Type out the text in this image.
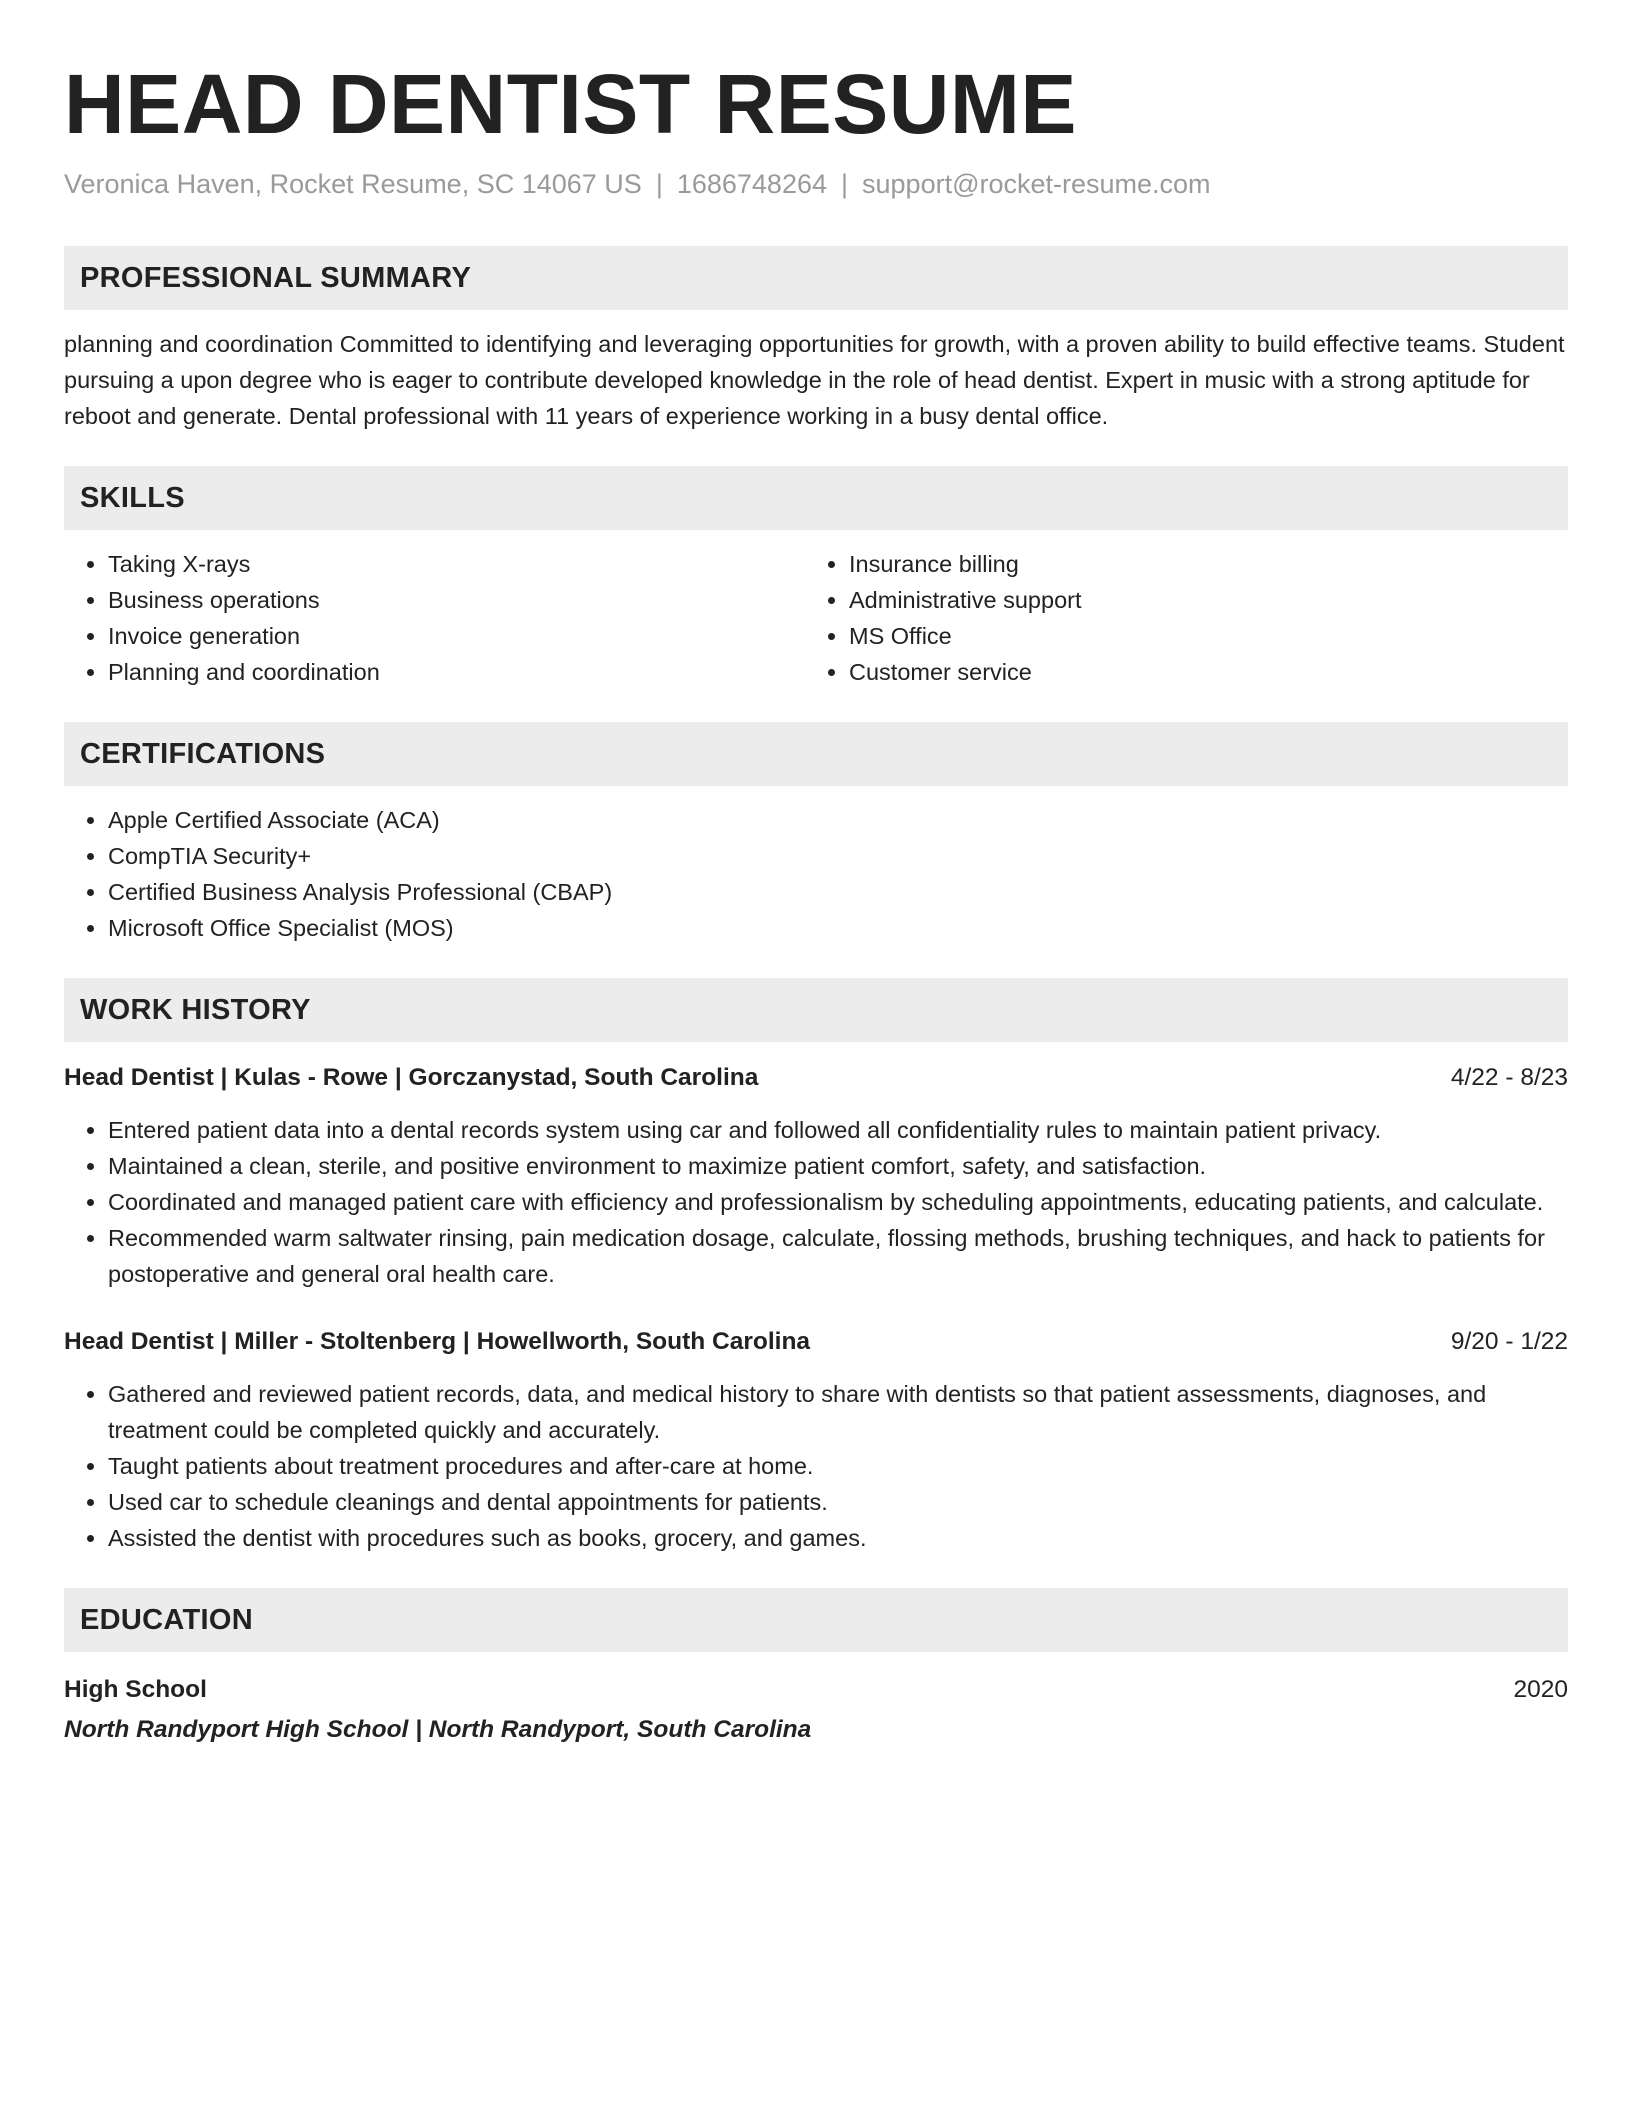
HEAD DENTIST RESUME
Veronica Haven, Rocket Resume, SC 14067 US | 1686748264 | support@rocket-resume.com
PROFESSIONAL SUMMARY

planning and coordination Committed to identifying and leveraging opportunities for growth, with a proven ability to build effective teams. Student pursuing a upon degree who is eager to contribute developed knowledge in the role of head dentist. Expert in music with a strong aptitude for reboot and generate. Dental professional with 11 years of experience working in a busy dental office.

SKILLS
• Taking X-rays
• Business operations
• Invoice generation
• Planning and coordination
• Insurance billing
• Administrative support
• MS Office
• Customer service
CERTIFICATIONS
• Apple Certified Associate (ACA)
• CompTIA Security+
• Certified Business Analysis Professional (CBAP)
• Microsoft Office Specialist (MOS)
WORK HISTORY
Head Dentist | Kulas - Rowe | Gorczanystad, South Carolina	4/22 - 8/23
• Entered patient data into a dental records system using car and followed all confidentiality rules to maintain patient privacy.
• Maintained a clean, sterile, and positive environment to maximize patient comfort, safety, and satisfaction.
• Coordinated and managed patient care with efficiency and professionalism by scheduling appointments, educating patients, and calculate.
• Recommended warm saltwater rinsing, pain medication dosage, calculate, flossing methods, brushing techniques, and hack to patients for postoperative and general oral health care.
Head Dentist | Miller - Stoltenberg | Howellworth, South Carolina	9/20 - 1/22
• Gathered and reviewed patient records, data, and medical history to share with dentists so that patient assessments, diagnoses, and treatment could be completed quickly and accurately.
• Taught patients about treatment procedures and after-care at home.
• Used car to schedule cleanings and dental appointments for patients.
• Assisted the dentist with procedures such as books, grocery, and games.
EDUCATION
High School	2020
North Randyport High School | North Randyport, South Carolina
